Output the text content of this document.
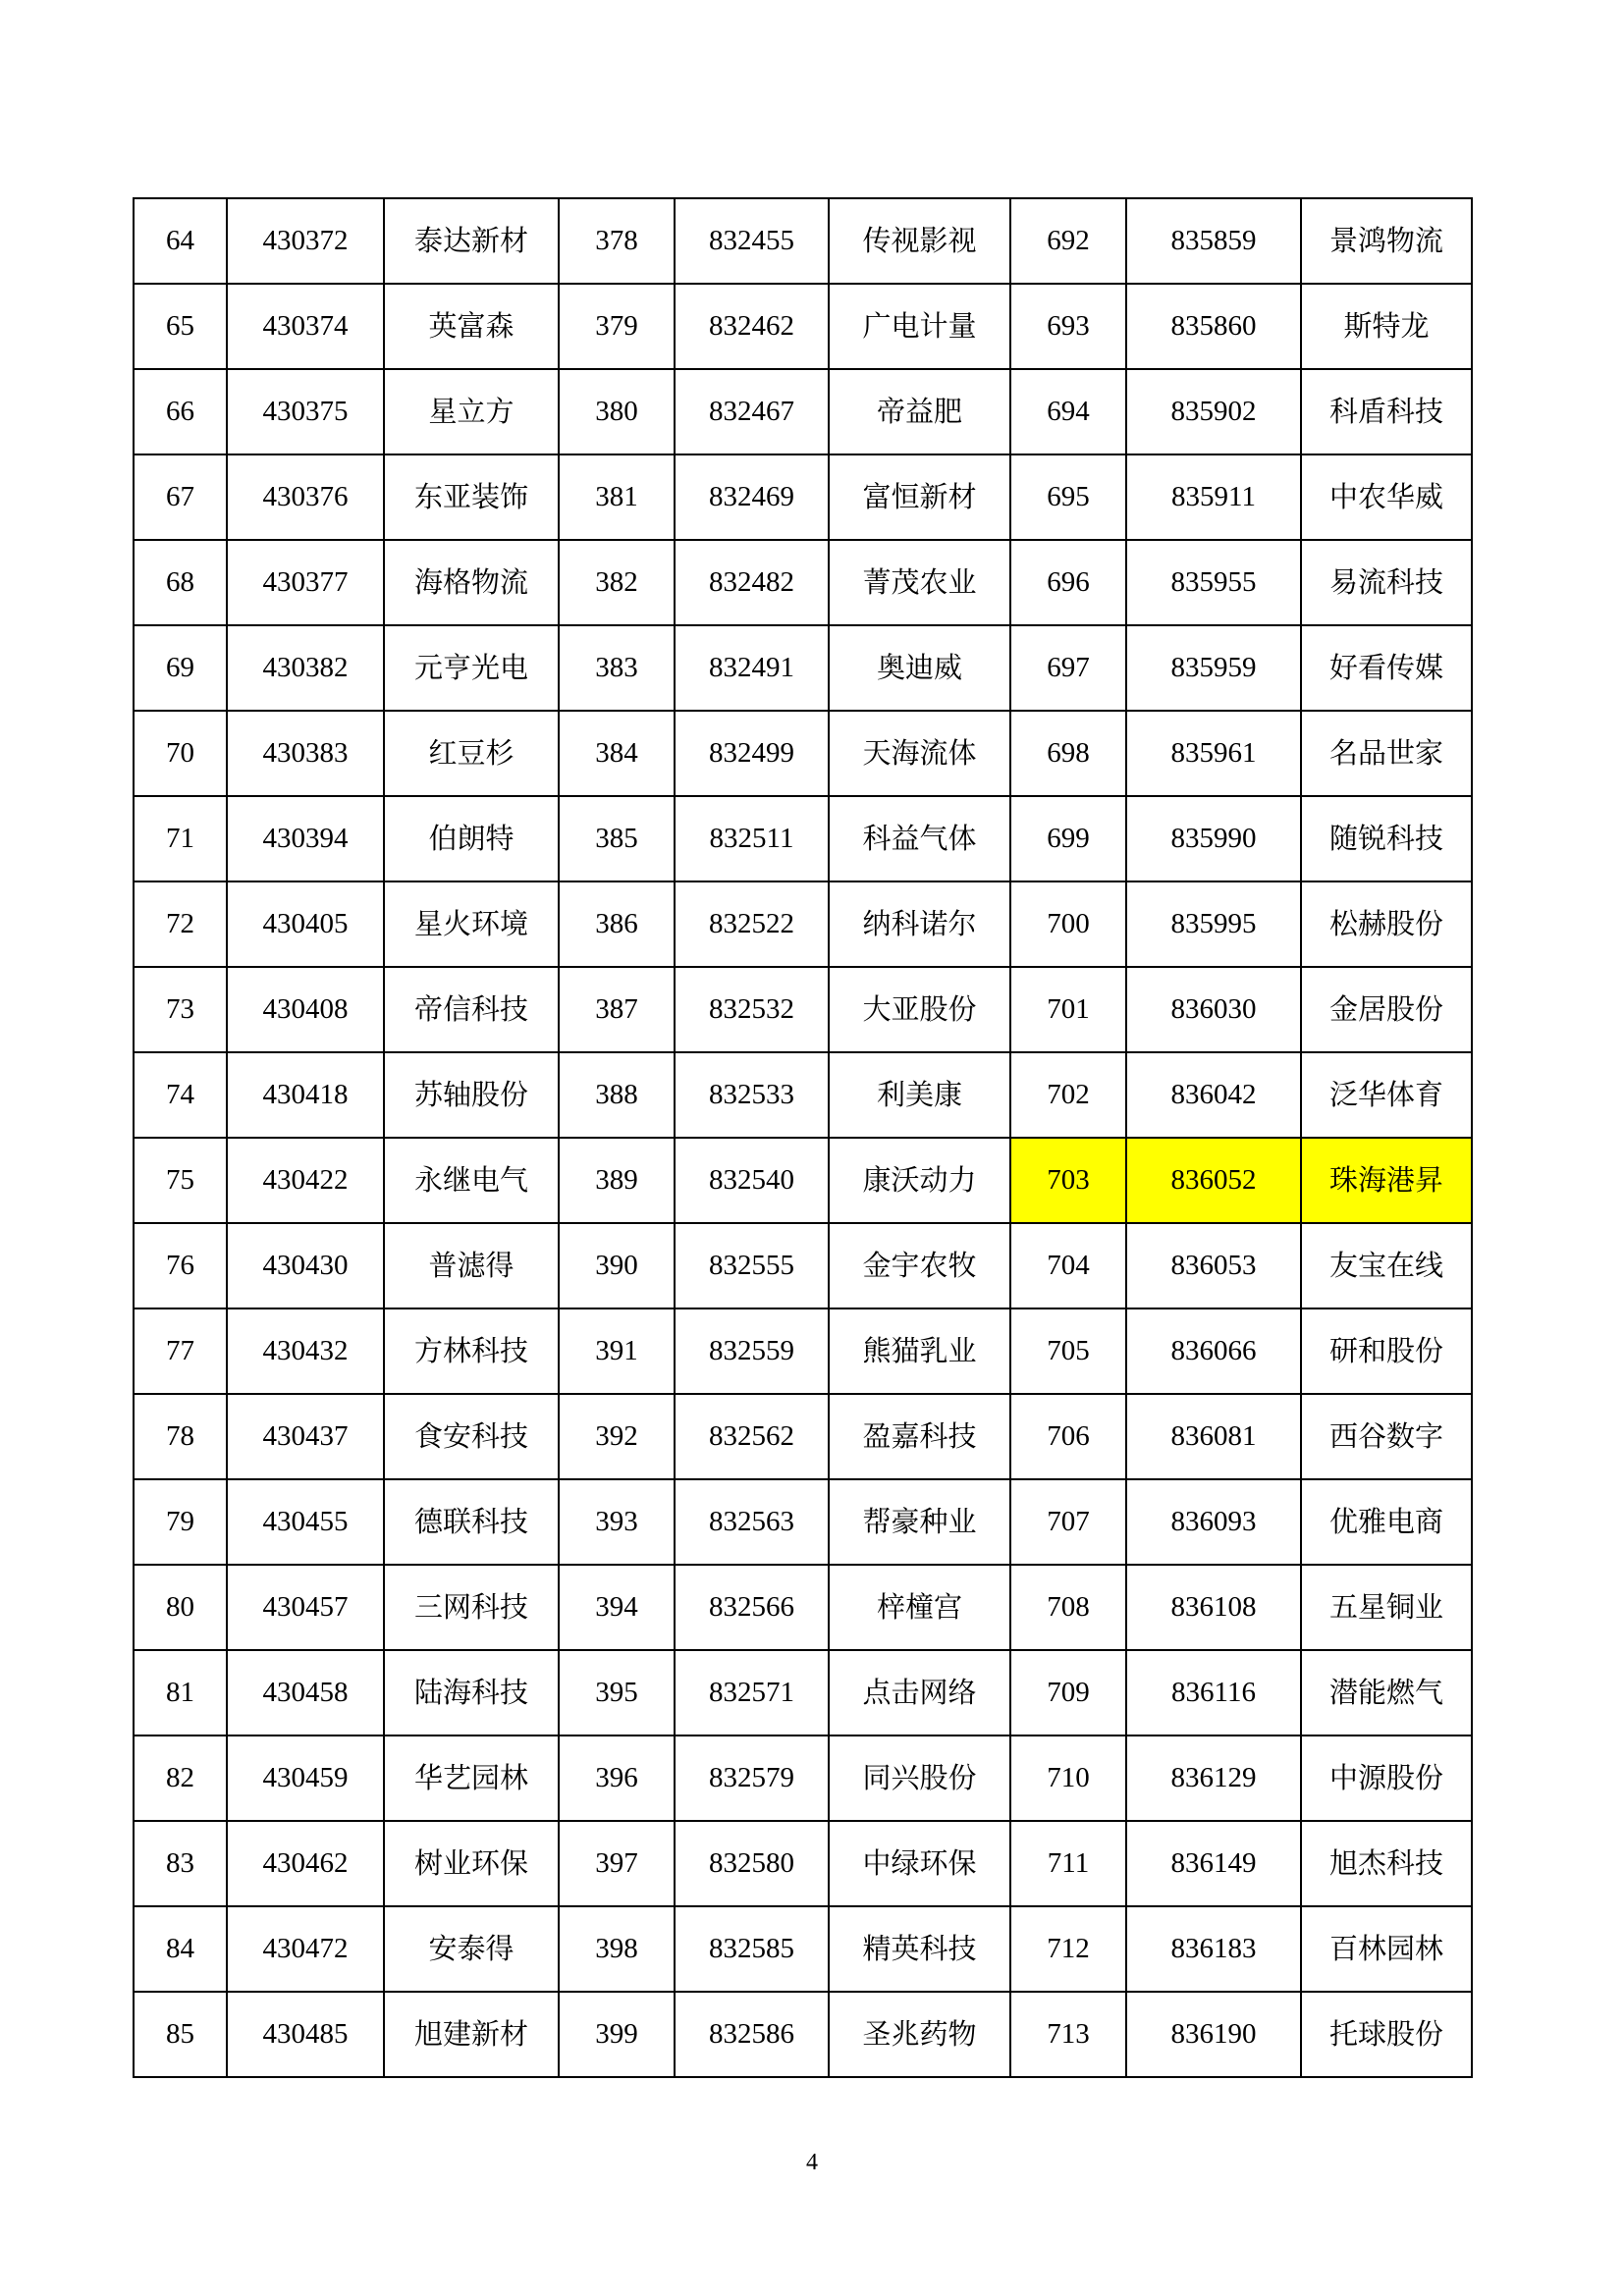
64	430372	泰达新材	378	832455	传视影视	692	835859	景鸿物流
65	430374	英富森	379	832462	广电计量	693	835860	斯特龙
66	430375	星立方	380	832467	帝益肥	694	835902	科盾科技
67	430376	东亚装饰	381	832469	富恒新材	695	835911	中农华威
68	430377	海格物流	382	832482	菁茂农业	696	835955	易流科技
69	430382	元亨光电	383	832491	奥迪威	697	835959	好看传媒
70	430383	红豆杉	384	832499	天海流体	698	835961	名品世家
71	430394	伯朗特	385	832511	科益气体	699	835990	随锐科技
72	430405	星火环境	386	832522	纳科诺尔	700	835995	松赫股份
73	430408	帝信科技	387	832532	大亚股份	701	836030	金居股份
74	430418	苏轴股份	388	832533	利美康	702	836042	泛华体育
75	430422	永继电气	389	832540	康沃动力	703	836052	珠海港昇
76	430430	普滤得	390	832555	金宇农牧	704	836053	友宝在线
77	430432	方林科技	391	832559	熊猫乳业	705	836066	研和股份
78	430437	食安科技	392	832562	盈嘉科技	706	836081	西谷数字
79	430455	德联科技	393	832563	帮豪种业	707	836093	优雅电商
80	430457	三网科技	394	832566	梓橦宫	708	836108	五星铜业
81	430458	陆海科技	395	832571	点击网络	709	836116	潜能燃气
82	430459	华艺园林	396	832579	同兴股份	710	836129	中源股份
83	430462	树业环保	397	832580	中绿环保	711	836149	旭杰科技
84	430472	安泰得	398	832585	精英科技	712	836183	百林园林
85	430485	旭建新材	399	832586	圣兆药物	713	836190	托球股份
4
